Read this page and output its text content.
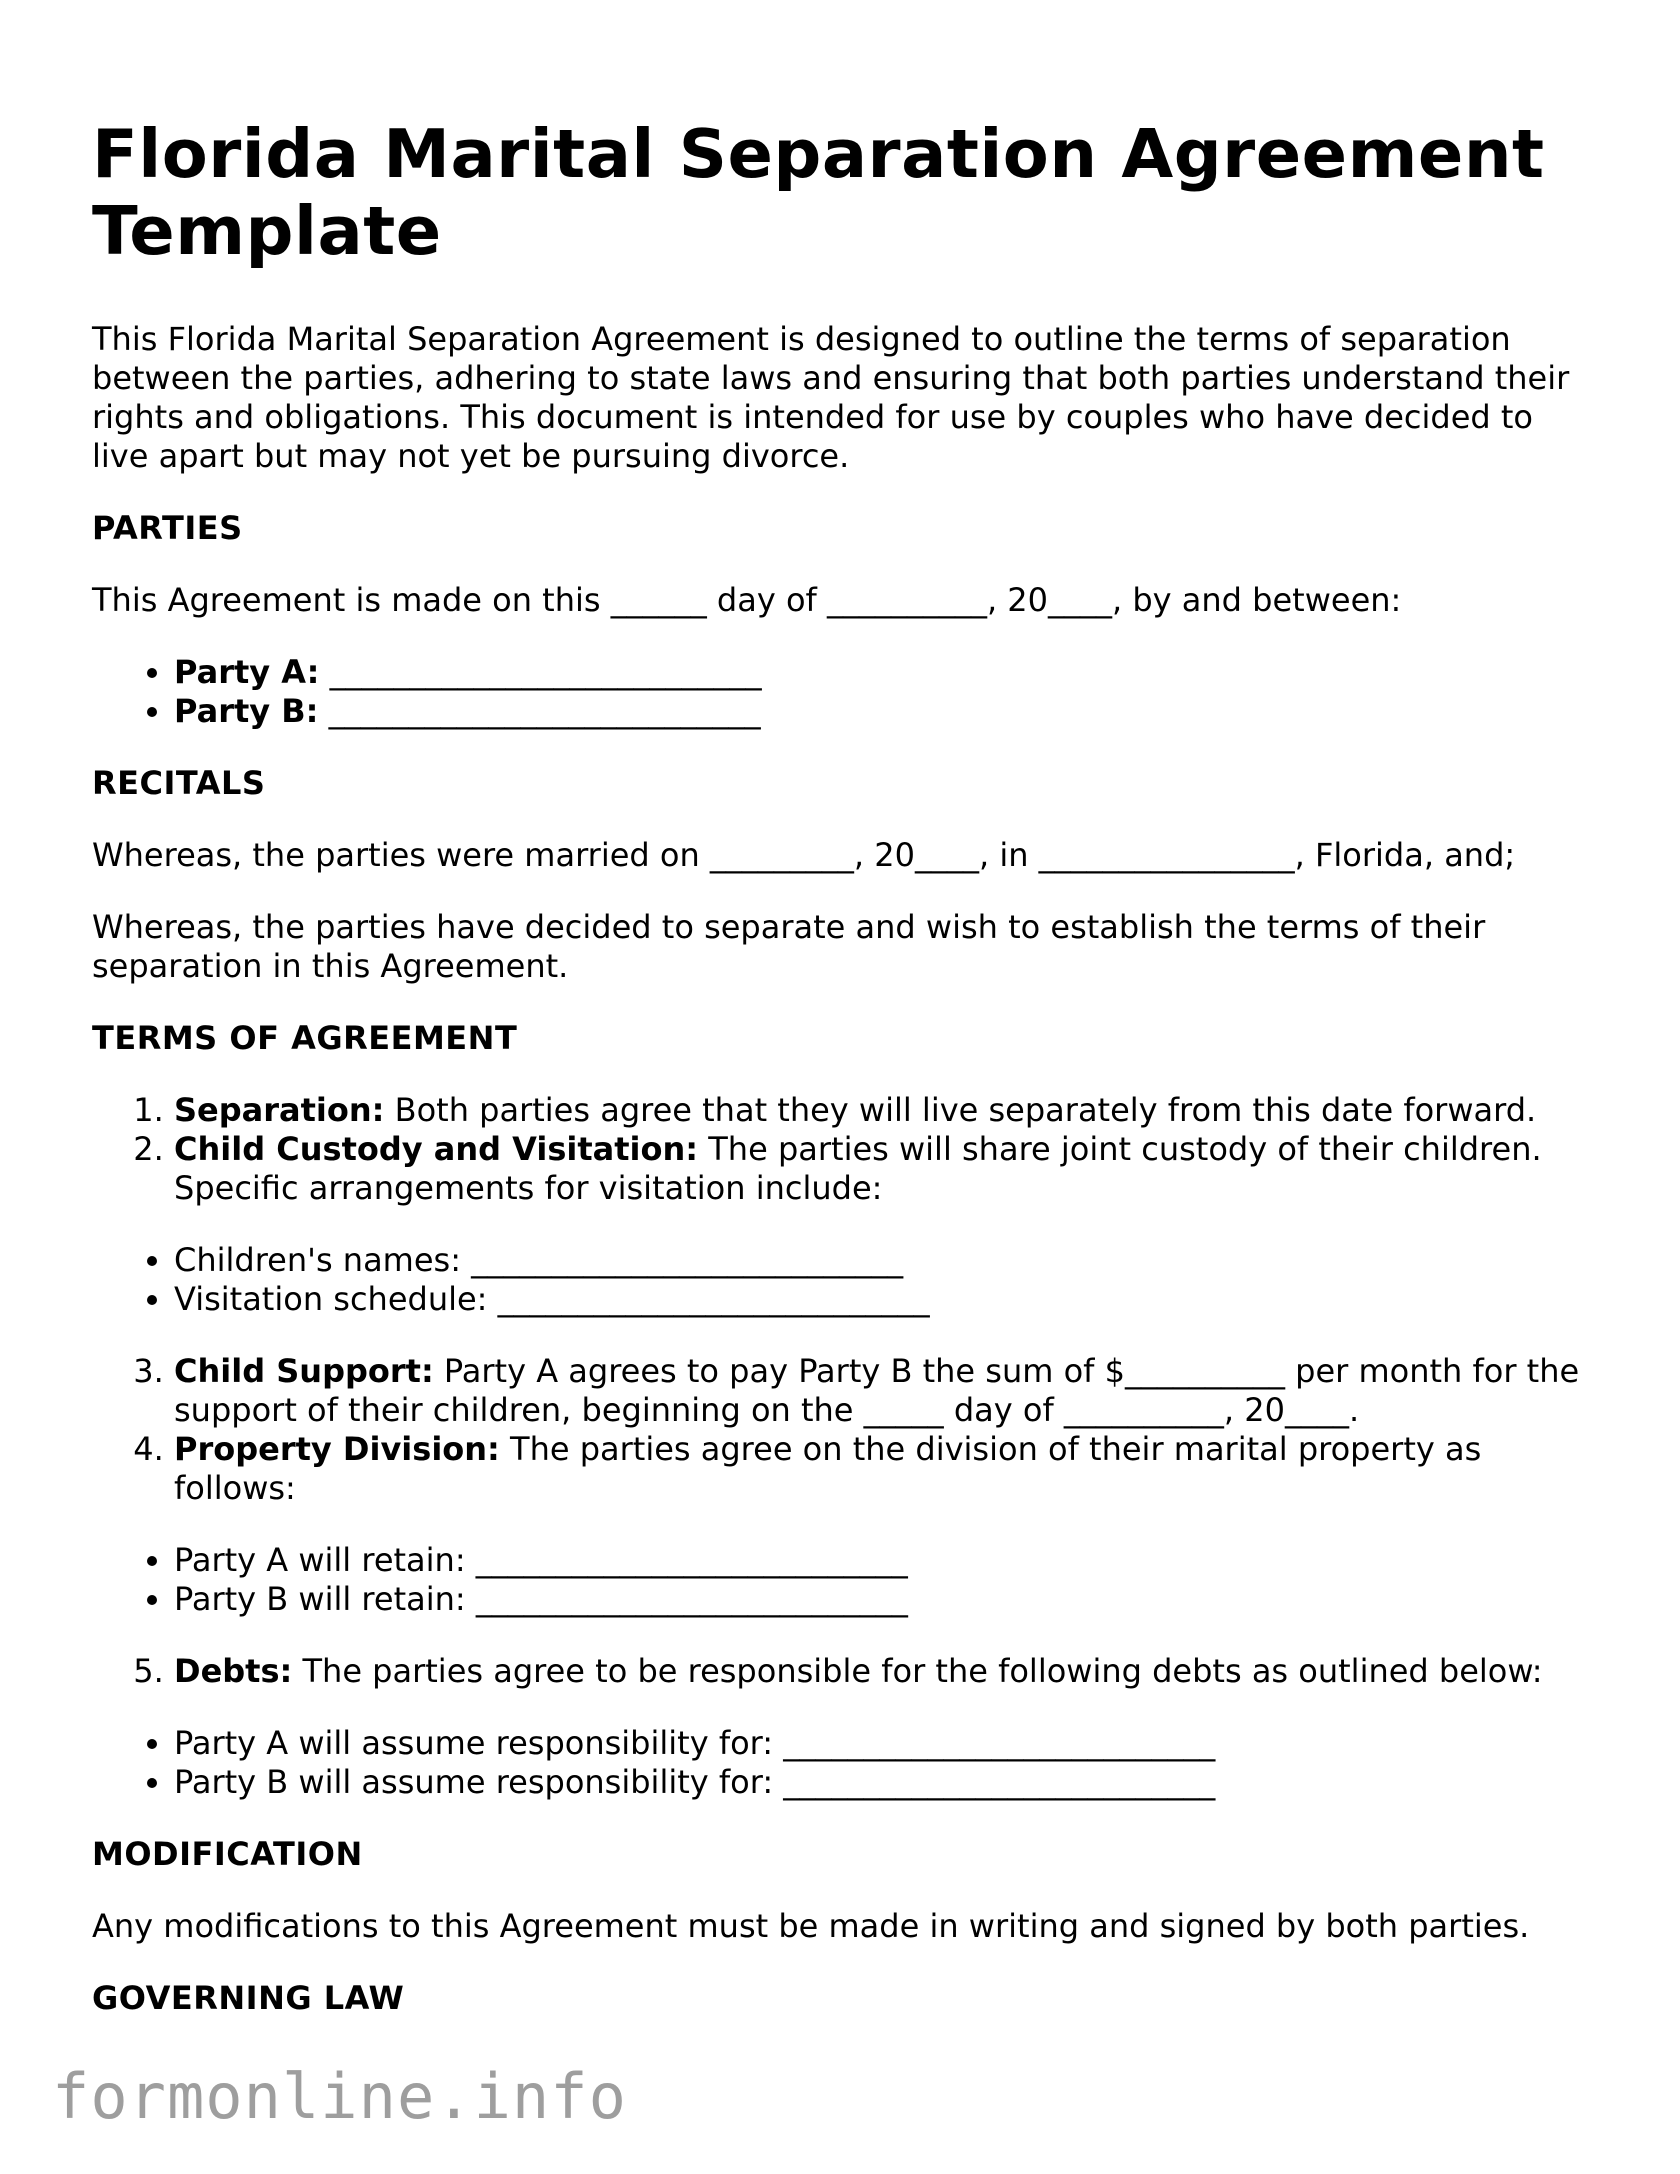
Florida Marital Separation Agreement Template

This Florida Marital Separation Agreement is designed to outline the terms of separation between the parties, adhering to state laws and ensuring that both parties understand their rights and obligations. This document is intended for use by couples who have decided to live apart but may not yet be pursuing divorce.

PARTIES

This Agreement is made on this ______ day of __________, 20____, by and between:

• Party A: ___________________________
• Party B: ___________________________
RECITALS

Whereas, the parties were married on _________, 20____, in ________________, Florida, and;

Whereas, the parties have decided to separate and wish to establish the terms of their separation in this Agreement.

TERMS OF AGREEMENT
1. Separation: Both parties agree that they will live separately from this date forward.
2. Child Custody and Visitation: The parties will share joint custody of their children. Specific arrangements for visitation include:
• Children's names: ___________________________
• Visitation schedule: ___________________________
3. Child Support: Party A agrees to pay Party B the sum of $__________ per month for the support of their children, beginning on the _____ day of __________, 20____.
4. Property Division: The parties agree on the division of their marital property as follows:
• Party A will retain: ___________________________
• Party B will retain: ___________________________
5. Debts: The parties agree to be responsible for the following debts as outlined below:
• Party A will assume responsibility for: ___________________________
• Party B will assume responsibility for: ___________________________
MODIFICATION

Any modifications to this Agreement must be made in writing and signed by both parties.

GOVERNING LAW
formonline.info
